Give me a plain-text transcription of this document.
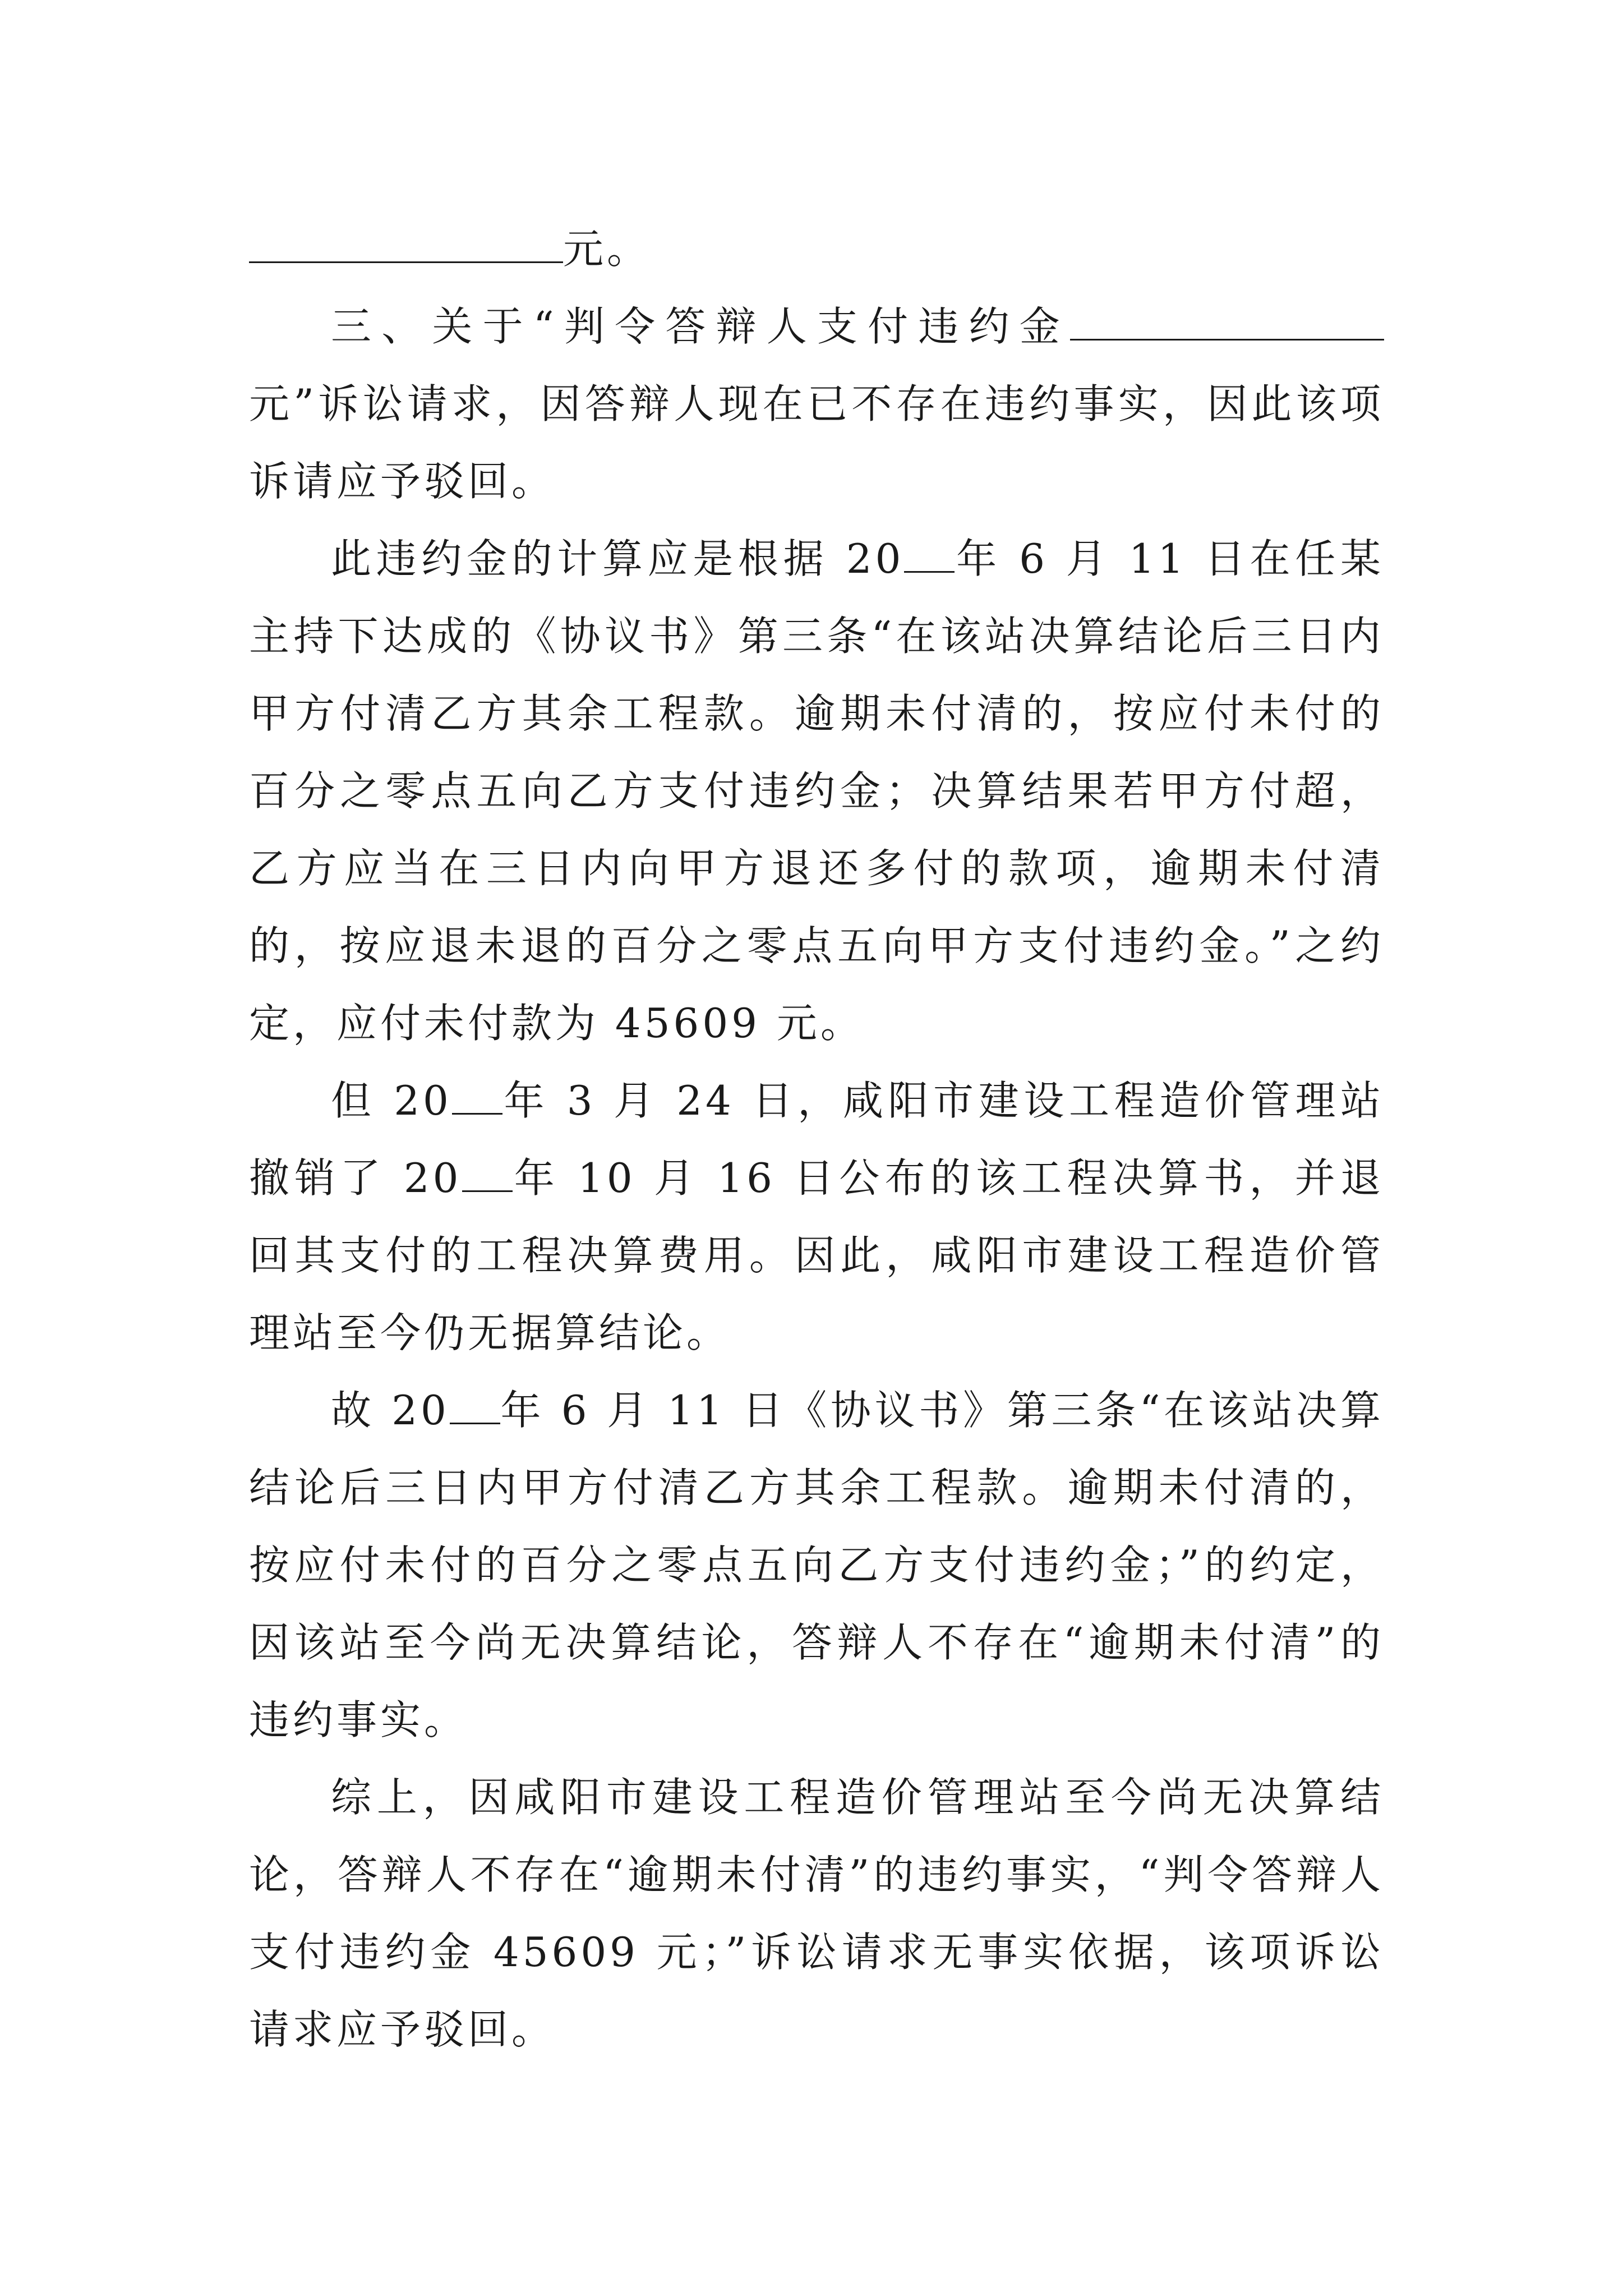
元。

三、关于“判令答辩人支付违约金元”诉讼请求，因答辩人现在已不存在违约事实，因此该项诉请应予驳回。

此违约金的计算应是根据 20 年 6 月 11 日在任某主持下达成的《协议书》第三条“在该站决算结论后三日内甲方付清乙方其余工程款。逾期未付清的，按应付未付的百分之零点五向乙方支付违约金；决算结果若甲方付超，乙方应当在三日内向甲方退还多付的款项，逾期未付清的，按应退未退的百分之零点五向甲方支付违约金。”之约定，应付未付款为 45609 元。

但 20 年 3 月 24 日，咸阳市建设工程造价管理站撤销了 20 年 10 月 16 日公布的该工程决算书，并退回其支付的工程决算费用。因此，咸阳市建设工程造价管理站至今仍无据算结论。

故 20 年 6 月 11 日《协议书》第三条“在该站决算结论后三日内甲方付清乙方其余工程款。逾期未付清的，按应付未付的百分之零点五向乙方支付违约金；”的约定，因该站至今尚无决算结论，答辩人不存在“逾期未付清”的违约事实。

综上，因咸阳市建设工程造价管理站至今尚无决算结论，答辩人不存在“逾期未付清”的违约事实，“判令答辩人支付违约金 45609 元；”诉讼请求无事实依据，该项诉讼请求应予驳回。
